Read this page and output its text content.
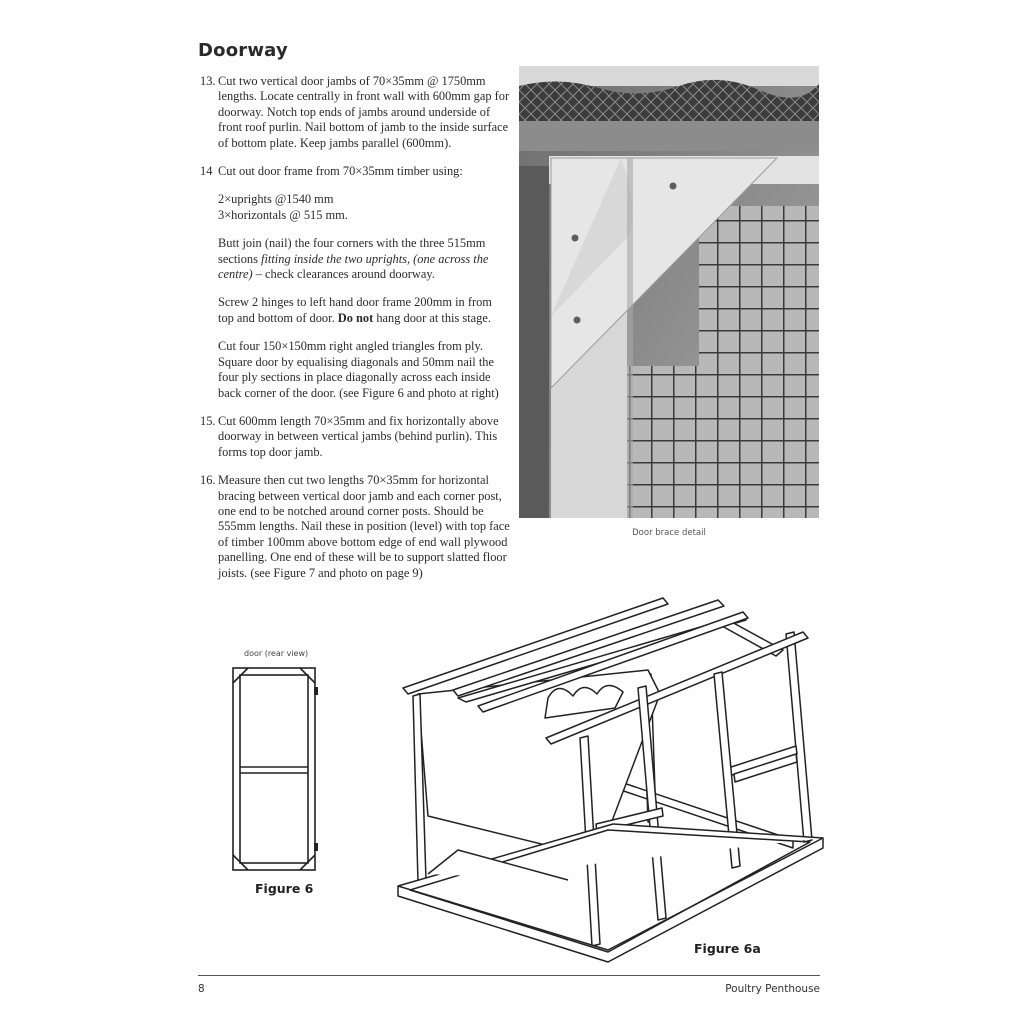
Doorway
13. Cut two vertical door jambs of 70×35mm @ 1750mm lengths. Locate centrally in front wall with 600mm gap for doorway. Notch top ends of jambs around underside of front roof purlin. Nail bottom of jamb to the inside surface of bottom plate. Keep jambs parallel (600mm).

14 Cut out door frame from 70×35mm timber using:

2×uprights @1540 mm
3×horizontals @ 515 mm.

Butt join (nail) the four corners with the three 515mm sections fitting inside the two uprights, (one across the centre) – check clearances around doorway.

Screw 2 hinges to left hand door frame 200mm in from top and bottom of door. Do not hang door at this stage.

Cut four 150×150mm right angled triangles from ply. Square door by equalising diagonals and 50mm nail the four ply sections in place diagonally across each inside back corner of the door. (see Figure 6 and photo at right)

15. Cut 600mm length 70×35mm and fix horizontally above doorway in between vertical jambs (behind purlin). This forms top door jamb.

16. Measure then cut two lengths 70×35mm for horizontal bracing between vertical door jamb and each corner post, one end to be notched around corner posts. Should be 555mm lengths. Nail these in position (level) with top face of timber 100mm above bottom edge of end wall plywood panelling. One end of these will be to support slatted floor joists. (see Figure 7 and photo on page 9)

Door brace detail
door (rear view)
Figure 6
Figure 6a
8	Poultry Penthouse
